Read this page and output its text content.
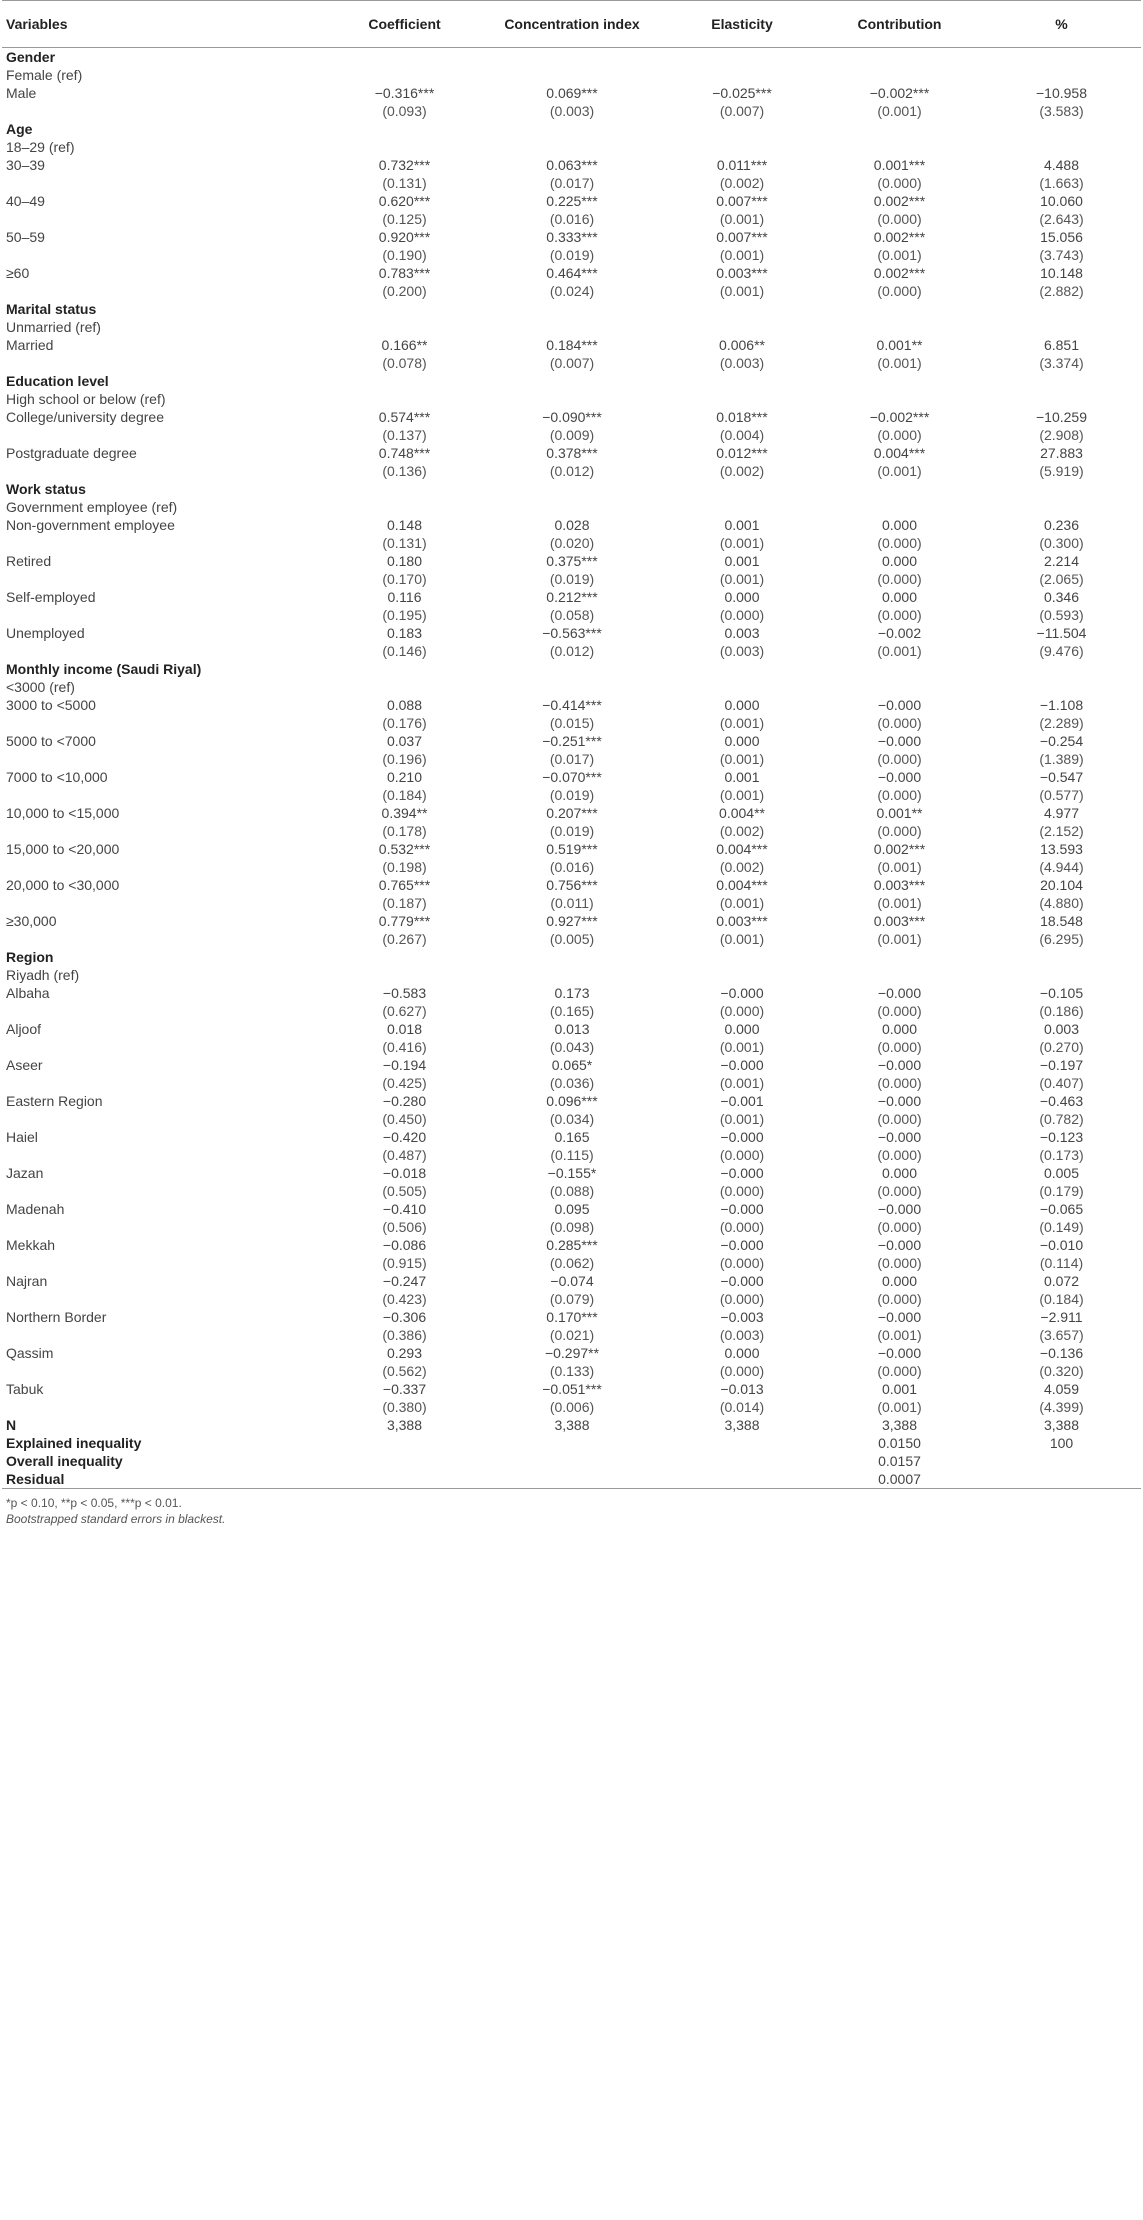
Variables	Coefficient	Concentration index	Elasticity	Contribution	%
Gender					
Female (ref)					
Male	−0.316***	0.069***	−0.025***	−0.002***	−10.958
	(0.093)	(0.003)	(0.007)	(0.001)	(3.583)
Age					
18–29 (ref)					
30–39	0.732***	0.063***	0.011***	0.001***	4.488
	(0.131)	(0.017)	(0.002)	(0.000)	(1.663)
40–49	0.620***	0.225***	0.007***	0.002***	10.060
	(0.125)	(0.016)	(0.001)	(0.000)	(2.643)
50–59	0.920***	0.333***	0.007***	0.002***	15.056
	(0.190)	(0.019)	(0.001)	(0.001)	(3.743)
≥60	0.783***	0.464***	0.003***	0.002***	10.148
	(0.200)	(0.024)	(0.001)	(0.000)	(2.882)
Marital status					
Unmarried (ref)					
Married	0.166**	0.184***	0.006**	0.001**	6.851
	(0.078)	(0.007)	(0.003)	(0.001)	(3.374)
Education level					
High school or below (ref)					
College/university degree	0.574***	−0.090***	0.018***	−0.002***	−10.259
	(0.137)	(0.009)	(0.004)	(0.000)	(2.908)
Postgraduate degree	0.748***	0.378***	0.012***	0.004***	27.883
	(0.136)	(0.012)	(0.002)	(0.001)	(5.919)
Work status					
Government employee (ref)					
Non-government employee	0.148	0.028	0.001	0.000	0.236
	(0.131)	(0.020)	(0.001)	(0.000)	(0.300)
Retired	0.180	0.375***	0.001	0.000	2.214
	(0.170)	(0.019)	(0.001)	(0.000)	(2.065)
Self-employed	0.116	0.212***	0.000	0.000	0.346
	(0.195)	(0.058)	(0.000)	(0.000)	(0.593)
Unemployed	0.183	−0.563***	0.003	−0.002	−11.504
	(0.146)	(0.012)	(0.003)	(0.001)	(9.476)
Monthly income (Saudi Riyal)					
<3000 (ref)					
3000 to <5000	0.088	−0.414***	0.000	−0.000	−1.108
	(0.176)	(0.015)	(0.001)	(0.000)	(2.289)
5000 to <7000	0.037	−0.251***	0.000	−0.000	−0.254
	(0.196)	(0.017)	(0.001)	(0.000)	(1.389)
7000 to <10,000	0.210	−0.070***	0.001	−0.000	−0.547
	(0.184)	(0.019)	(0.001)	(0.000)	(0.577)
10,000 to <15,000	0.394**	0.207***	0.004**	0.001**	4.977
	(0.178)	(0.019)	(0.002)	(0.000)	(2.152)
15,000 to <20,000	0.532***	0.519***	0.004***	0.002***	13.593
	(0.198)	(0.016)	(0.002)	(0.001)	(4.944)
20,000 to <30,000	0.765***	0.756***	0.004***	0.003***	20.104
	(0.187)	(0.011)	(0.001)	(0.001)	(4.880)
≥30,000	0.779***	0.927***	0.003***	0.003***	18.548
	(0.267)	(0.005)	(0.001)	(0.001)	(6.295)
Region					
Riyadh (ref)					
Albaha	−0.583	0.173	−0.000	−0.000	−0.105
	(0.627)	(0.165)	(0.000)	(0.000)	(0.186)
Aljoof	0.018	0.013	0.000	0.000	0.003
	(0.416)	(0.043)	(0.001)	(0.000)	(0.270)
Aseer	−0.194	0.065*	−0.000	−0.000	−0.197
	(0.425)	(0.036)	(0.001)	(0.000)	(0.407)
Eastern Region	−0.280	0.096***	−0.001	−0.000	−0.463
	(0.450)	(0.034)	(0.001)	(0.000)	(0.782)
Haiel	−0.420	0.165	−0.000	−0.000	−0.123
	(0.487)	(0.115)	(0.000)	(0.000)	(0.173)
Jazan	−0.018	−0.155*	−0.000	0.000	0.005
	(0.505)	(0.088)	(0.000)	(0.000)	(0.179)
Madenah	−0.410	0.095	−0.000	−0.000	−0.065
	(0.506)	(0.098)	(0.000)	(0.000)	(0.149)
Mekkah	−0.086	0.285***	−0.000	−0.000	−0.010
	(0.915)	(0.062)	(0.000)	(0.000)	(0.114)
Najran	−0.247	−0.074	−0.000	0.000	0.072
	(0.423)	(0.079)	(0.000)	(0.000)	(0.184)
Northern Border	−0.306	0.170***	−0.003	−0.000	−2.911
	(0.386)	(0.021)	(0.003)	(0.001)	(3.657)
Qassim	0.293	−0.297**	0.000	−0.000	−0.136
	(0.562)	(0.133)	(0.000)	(0.000)	(0.320)
Tabuk	−0.337	−0.051***	−0.013	0.001	4.059
	(0.380)	(0.006)	(0.014)	(0.001)	(4.399)
N	3,388	3,388	3,388	3,388	3,388
Explained inequality				0.0150	100
Overall inequality				0.0157	
Residual				0.0007	
*p < 0.10, **p < 0.05, ***p < 0.01.
Bootstrapped standard errors in blackest.
